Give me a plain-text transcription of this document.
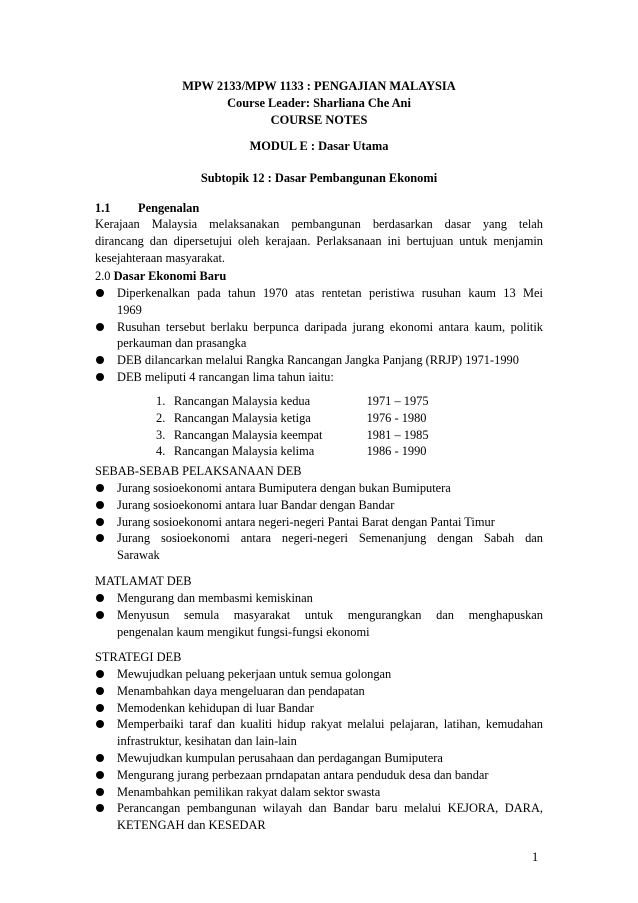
MPW 2133/MPW 1133 : PENGAJIAN MALAYSIA
Course Leader: Sharliana Che Ani
COURSE NOTES
MODUL E : Dasar Utama
Subtopik 12 : Dasar Pembangunan Ekonomi
1.1 Pengenalan
Kerajaan Malaysia melaksanakan pembangunan berdasarkan dasar yang telah
dirancang dan dipersetujui oleh kerajaan. Perlaksanaan ini bertujuan untuk menjamin
kesejahteraan masyarakat.
2.0 Dasar Ekonomi Baru
Diperkenalkan pada tahun 1970 atas rentetan peristiwa rusuhan kaum 13 Mei
1969
Rusuhan tersebut berlaku berpunca daripada jurang ekonomi antara kaum, politik
perkauman dan prasangka
DEB dilancarkan melalui Rangka Rancangan Jangka Panjang (RRJP) 1971-1990
DEB meliputi 4 rancangan lima tahun iaitu:
1. Rancangan Malaysia kedua	1971 – 1975
2. Rancangan Malaysia ketiga	1976 - 1980
3. Rancangan Malaysia keempat	1981 – 1985
4. Rancangan Malaysia kelima	1986 - 1990
SEBAB-SEBAB PELAKSANAAN DEB
Jurang sosioekonomi antara Bumiputera dengan bukan Bumiputera
Jurang sosioekonomi antara luar Bandar dengan Bandar
Jurang sosioekonomi antara negeri-negeri Pantai Barat dengan Pantai Timur
Jurang sosioekonomi antara negeri-negeri Semenanjung dengan Sabah dan
Sarawak
MATLAMAT DEB
Mengurang dan membasmi kemiskinan
Menyusun semula masyarakat untuk mengurangkan dan menghapuskan
pengenalan kaum mengikut fungsi-fungsi ekonomi
STRATEGI DEB
Mewujudkan peluang pekerjaan untuk semua golongan
Menambahkan daya mengeluaran dan pendapatan
Memodenkan kehidupan di luar Bandar
Memperbaiki taraf dan kualiti hidup rakyat melalui pelajaran, latihan, kemudahan
infrastruktur, kesihatan dan lain-lain
Mewujudkan kumpulan perusahaan dan perdagangan Bumiputera
Mengurang jurang perbezaan prndapatan antara penduduk desa dan bandar
Menambahkan pemilikan rakyat dalam sektor swasta
Perancangan pembangunan wilayah dan Bandar baru melalui KEJORA, DARA,
KETENGAH dan KESEDAR
1
